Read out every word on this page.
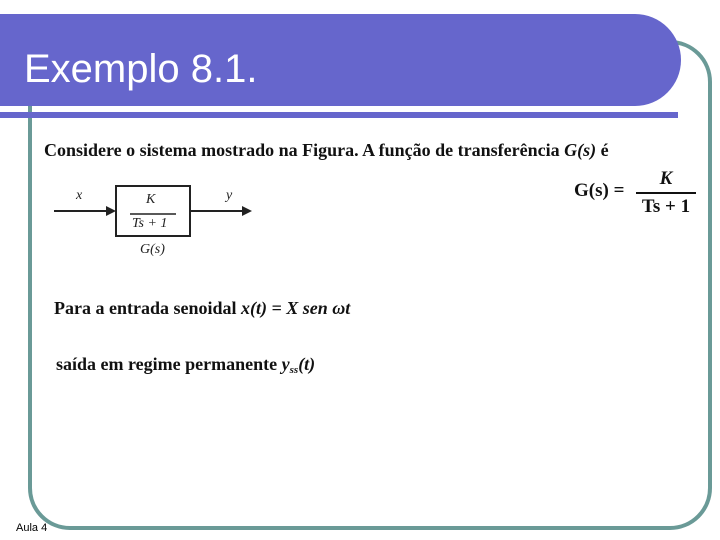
Exemplo 8.1.
Considere o sistema mostrado na Figura. A função de transferência G(s) é
G(s) =
K
Ts + 1
x	y
K
Ts + 1
G(s)
Para a entrada senoidal x(t) = X sen ωt
saída em regime permanente $y_{ss}(t)$
Aula 4
